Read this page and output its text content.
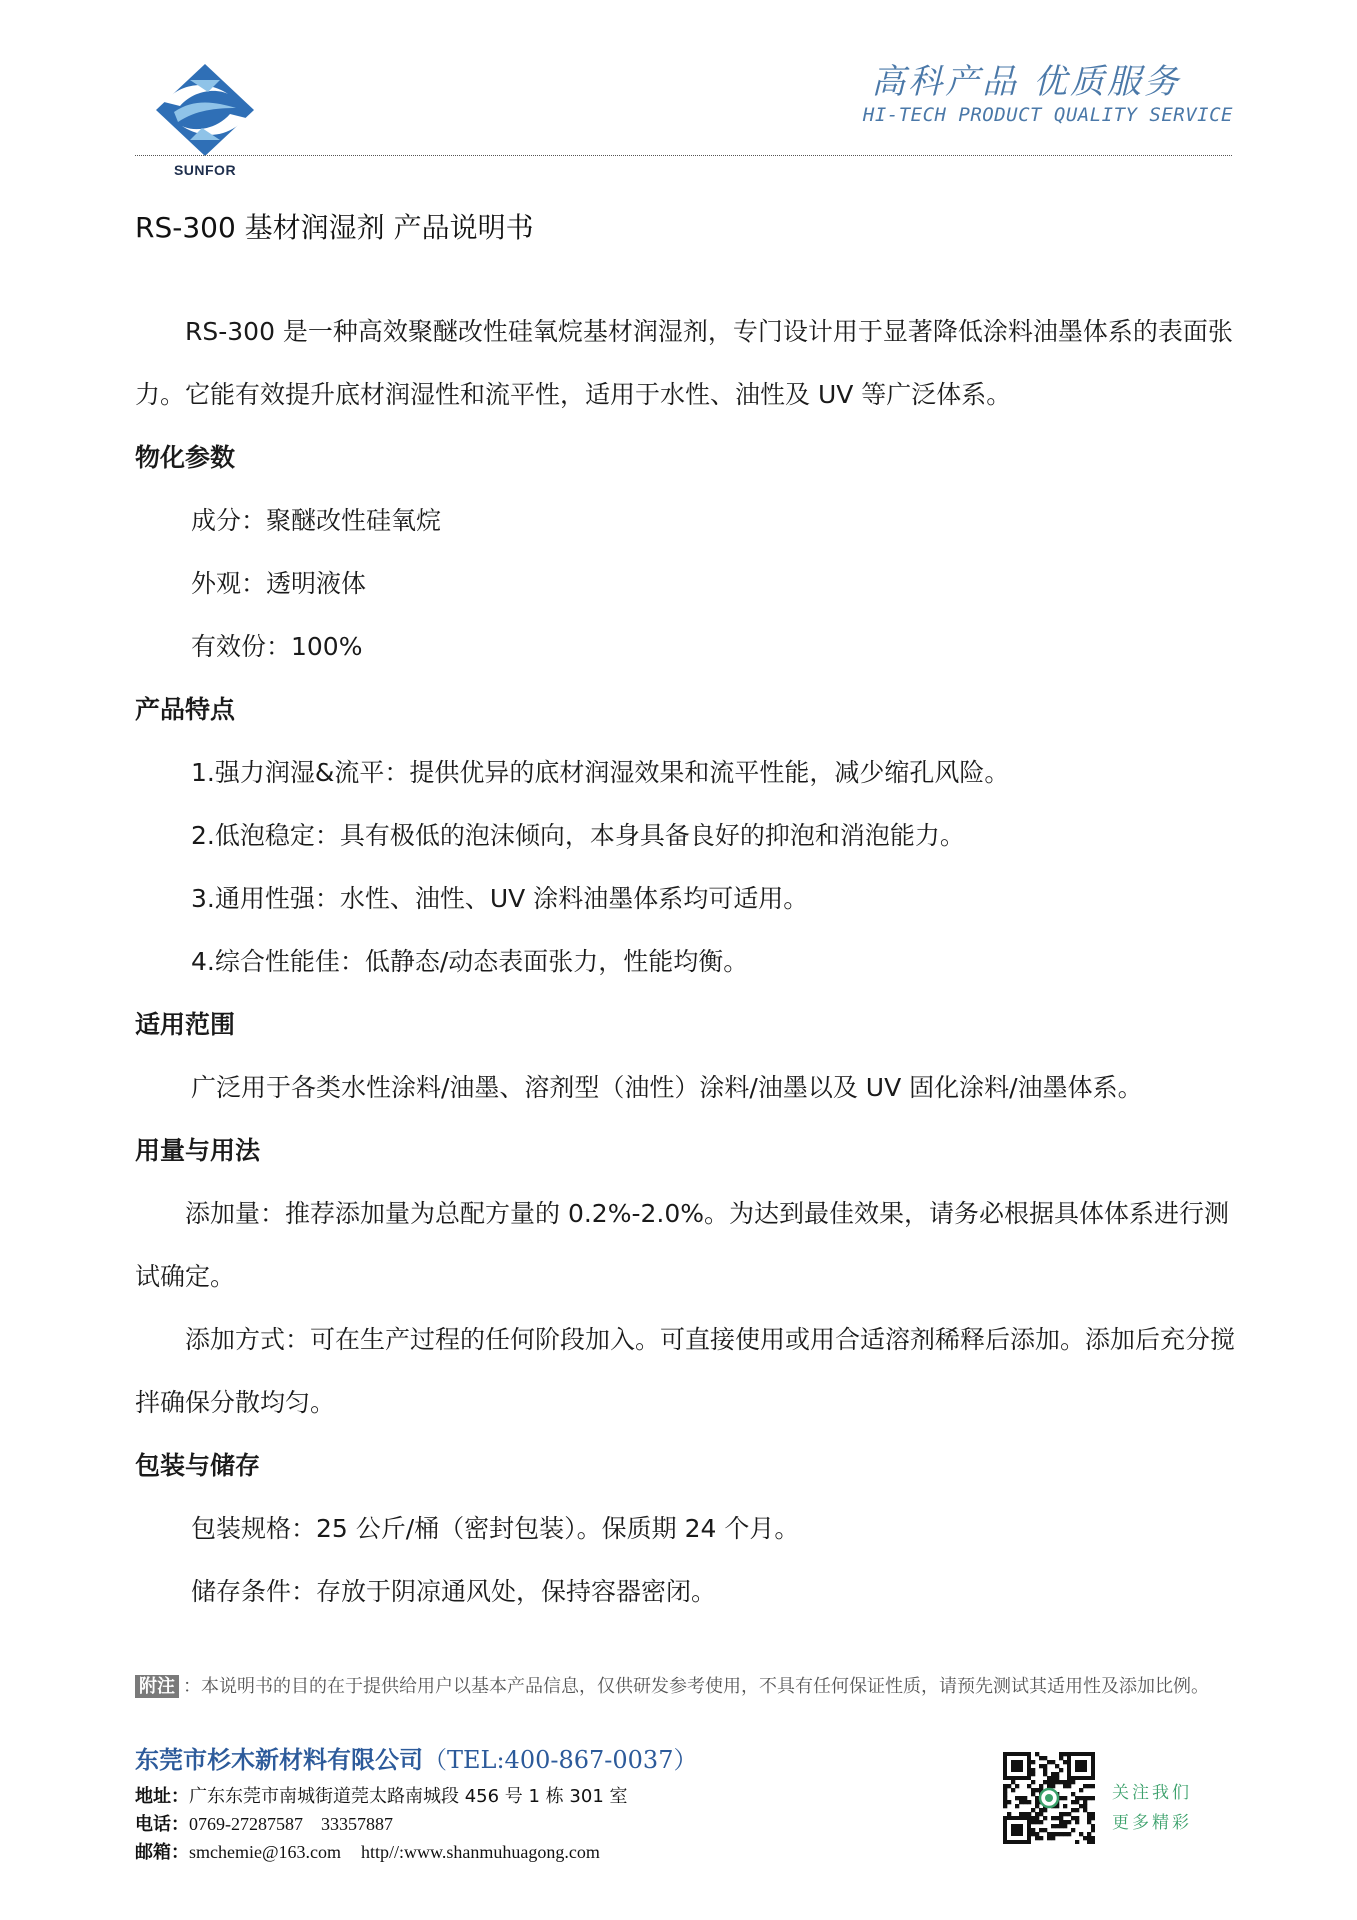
SUNFOR
高科产品 优质服务
HI-TECH PRODUCT QUALITY SERVICE
RS-300 基材润湿剂 产品说明书

RS-300 是一种高效聚醚改性硅氧烷基材润湿剂，专门设计用于显著降低涂料油墨体系的表面张力。它能有效提升底材润湿性和流平性，适用于水性、油性及 UV 等广泛体系。

物化参数

成分：聚醚改性硅氧烷

外观：透明液体

有效份：100%

产品特点

1.强力润湿&流平：提供优异的底材润湿效果和流平性能，减少缩孔风险。

2.低泡稳定：具有极低的泡沫倾向，本身具备良好的抑泡和消泡能力。

3.通用性强：水性、油性、UV 涂料油墨体系均可适用。

4.综合性能佳：低静态/动态表面张力，性能均衡。

适用范围

广泛用于各类水性涂料/油墨、溶剂型（油性）涂料/油墨以及 UV 固化涂料/油墨体系。

用量与用法

添加量：推荐添加量为总配方量的 0.2%-2.0%。为达到最佳效果，请务必根据具体体系进行测试确定。

添加方式：可在生产过程的任何阶段加入。可直接使用或用合适溶剂稀释后添加。添加后充分搅拌确保分散均匀。

包装与储存

包装规格：25 公斤/桶（密封包装）。保质期 24 个月。

储存条件：存放于阴凉通风处，保持容器密闭。

附注 ：本说明书的目的在于提供给用户以基本产品信息，仅供研发参考使用，不具有任何保证性质，请预先测试其适用性及添加比例。
东莞市杉木新材料有限公司（TEL:400-867-0037）
地址：广东东莞市南城街道莞太路南城段 456 号 1 栋 301 室
电话：0769-27287587　33357887
邮箱：smchemie@163.com http//:www.shanmuhuagong.com
关注我们
更多精彩
